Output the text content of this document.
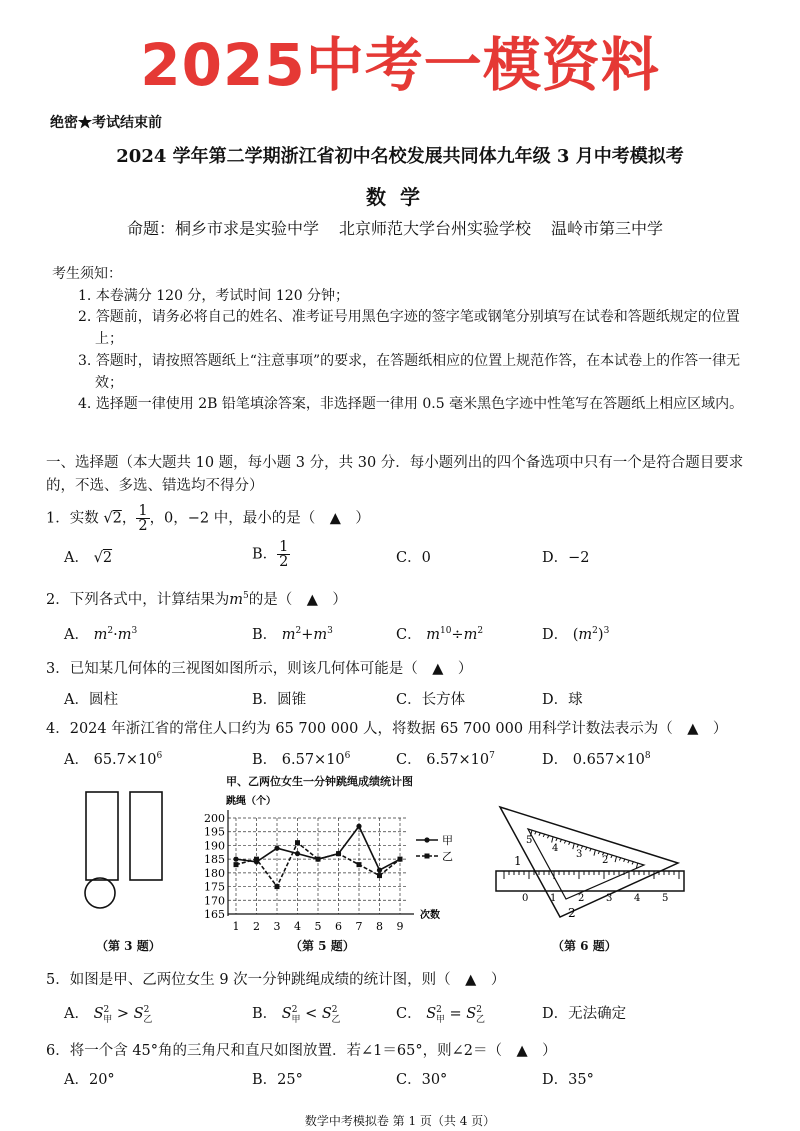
2025中考一模资料
绝密★考试结束前
2024 学年第二学期浙江省初中名校发展共同体九年级 3 月中考模拟考
数学
命题：桐乡市求是实验中学 北京师范大学台州实验学校 温岭市第三中学
考生须知：
1. 本卷满分 120 分，考试时间 120 分钟；
2. 答题前，请务必将自己的姓名、准考证号用黑色字迹的签字笔或钢笔分别填写在试卷和答题纸规定的位置上；
3. 答题时，请按照答题纸上“注意事项”的要求，在答题纸相应的位置上规范作答，在本试卷上的作答一律无效；
4. 选择题一律使用 2B 铅笔填涂答案，非选择题一律用 0.5 毫米黑色字迹中性笔写在答题纸上相应区域内。
一、选择题（本大题共 10 题，每小题 3 分，共 30 分．每小题列出的四个备选项中只有一个是符合题目要求的，不选、多选、错选均不得分）
1．实数 √2， $\frac{1}{2}$ ，0，−2 中，最小的是（　▲　）
A． √2	B． $\frac{1}{2}$	C．0	D．−2
2．下列各式中，计算结果为$m^5$的是（　▲　）
A． $m^2\cdot m^3$	B． $m^2+m^3$	C． $m^{10}\div m^2$	D． $(m^2)^3$
3．已知某几何体的三视图如图所示，则该几何体可能是（　▲　）
A．圆柱	B．圆锥	C．长方体	D．球
4．2024 年浙江省的常住人口约为 65 700 000 人，将数据 65 700 000 用科学计数法表示为（　▲　）
A． $65.7\times 10^6$	B． $6.57\times 10^6$	C． $6.57\times 10^7$	D． $0.657\times 10^8$
（第 3 题）
甲、乙两位女生一分钟跳绳成绩统计图
跳绳（个）
165
170
175
180
185
190
195
200
1 2 3 4 5 6 7 8 9
次数
甲
乙
（第 5 题）
1
2
5
4
3
2
0 1 2 3 4 5
（第 6 题）
5．如图是甲、乙两位女生 9 次一分钟跳绳成绩的统计图，则（　▲　）
A． $S^2_甲 > S^2_乙$	B． $S^2_甲 < S^2_乙$	C． $S^2_甲 = S^2_乙$	D．无法确定
6．将一个含 45°角的三角尺和直尺如图放置．若∠1＝65°，则∠2＝（　▲　）
A．20°	B．25°	C．30°	D．35°
数学中考模拟卷 第 1 页（共 4 页）
